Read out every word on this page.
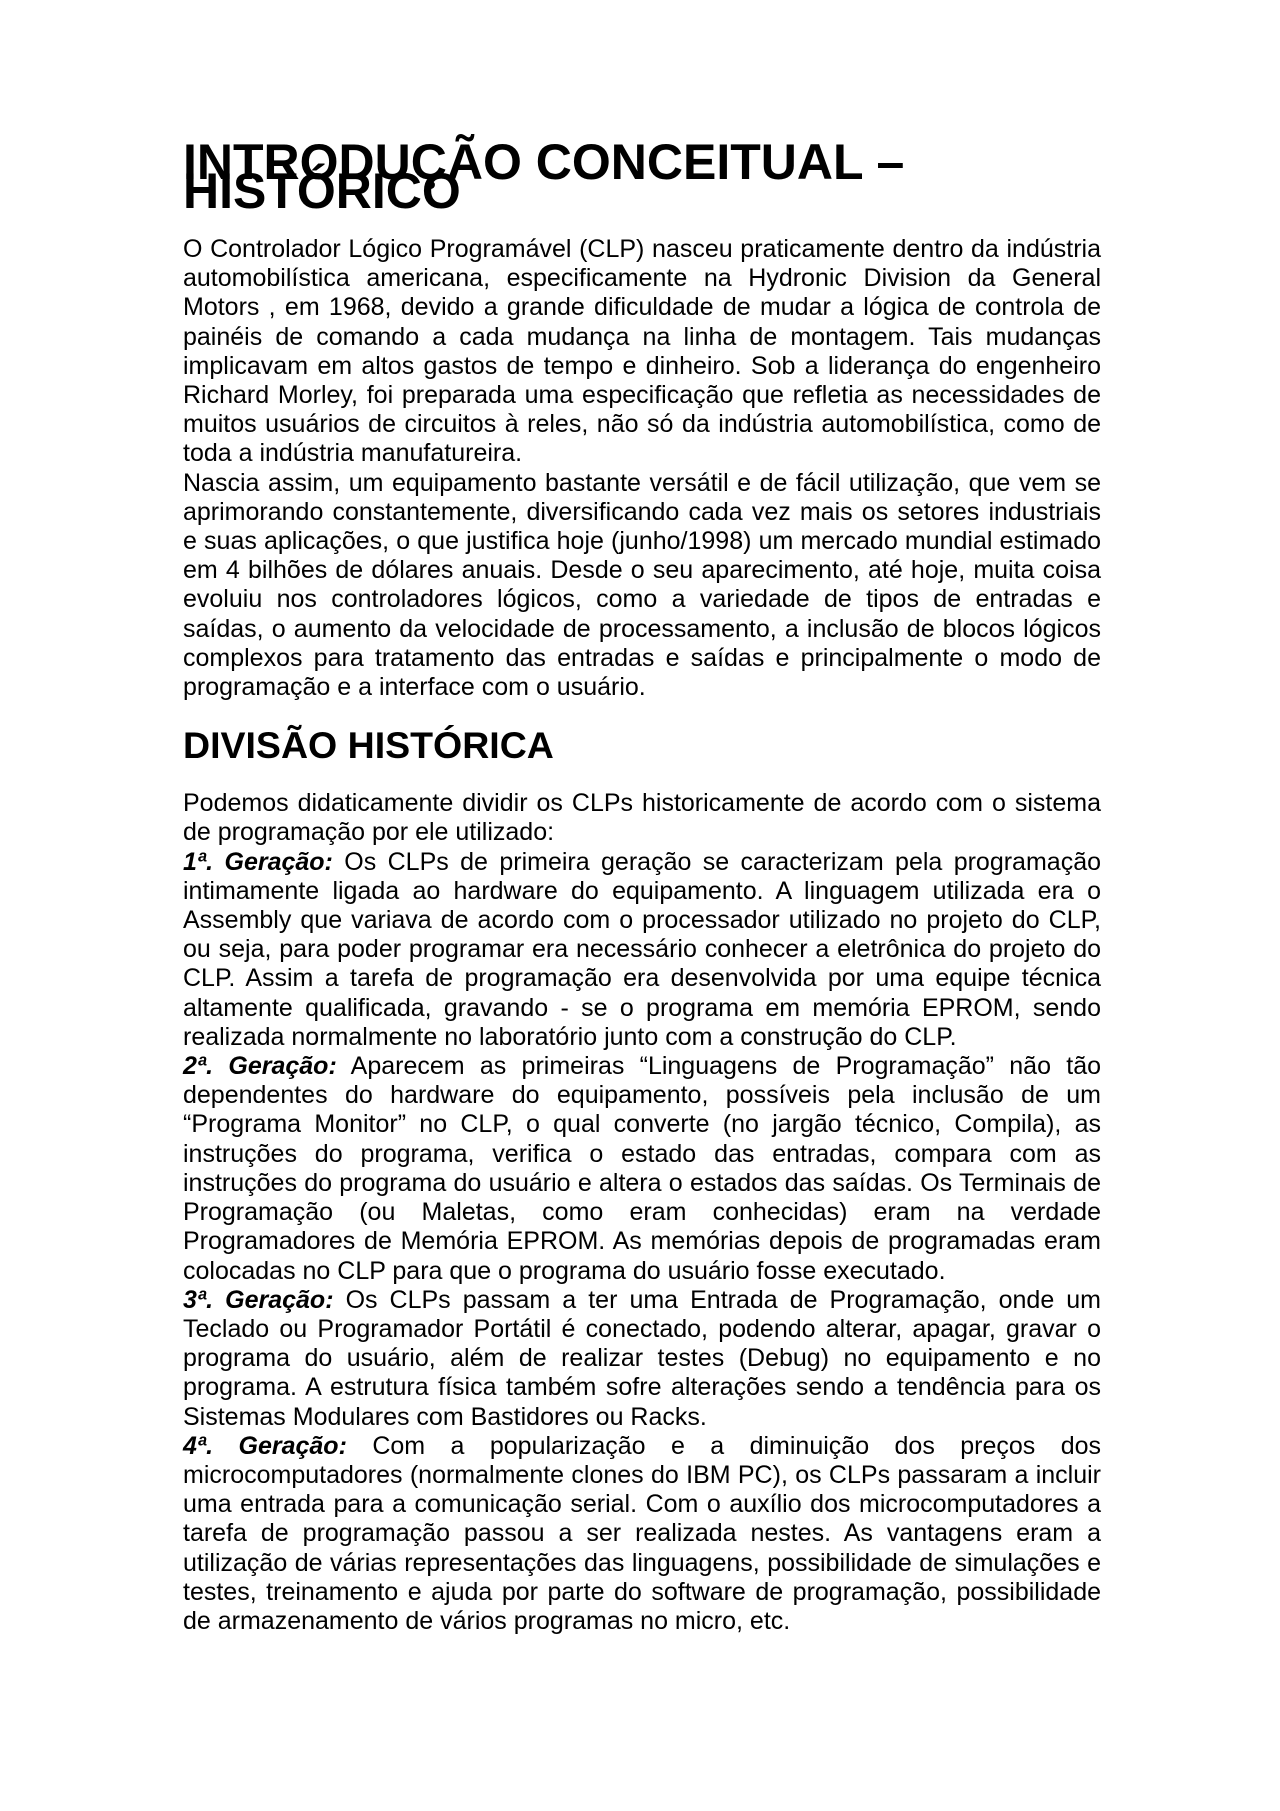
INTRODUÇÃO CONCEITUAL – HISTÓRICO

O Controlador Lógico Programável (CLP) nasceu praticamente dentro da indústria automobilística americana, especificamente na Hydronic Division da General Motors , em 1968, devido a grande dificuldade de mudar a lógica de controla de painéis de comando a cada mudança na linha de montagem. Tais mudanças implicavam em altos gastos de tempo e dinheiro. Sob a liderança do engenheiro Richard Morley, foi preparada uma especificação que refletia as necessidades de muitos usuários de circuitos à reles, não só da indústria automobilística, como de toda a indústria manufatureira.

Nascia assim, um equipamento bastante versátil e de fácil utilização, que vem se aprimorando constantemente, diversificando cada vez mais os setores industriais e suas aplicações, o que justifica hoje (junho/1998) um mercado mundial estimado em 4 bilhões de dólares anuais. Desde o seu aparecimento, até hoje, muita coisa evoluiu nos controladores lógicos, como a variedade de tipos de entradas e saídas, o aumento da velocidade de processamento, a inclusão de blocos lógicos complexos para tratamento das entradas e saídas e principalmente o modo de programação e a interface com o usuário.

DIVISÃO HISTÓRICA

Podemos didaticamente dividir os CLPs historicamente de acordo com o sistema de programação por ele utilizado:

1ª. Geração: Os CLPs de primeira geração se caracterizam pela programação intimamente ligada ao hardware do equipamento. A linguagem utilizada era o Assembly que variava de acordo com o processador utilizado no projeto do CLP, ou seja, para poder programar era necessário conhecer a eletrônica do projeto do CLP. Assim a tarefa de programação era desenvolvida por uma equipe técnica altamente qualificada, gravando - se o programa em memória EPROM, sendo realizada normalmente no laboratório junto com a construção do CLP.

2ª. Geração: Aparecem as primeiras “Linguagens de Programação” não tão dependentes do hardware do equipamento, possíveis pela inclusão de um “Programa Monitor” no CLP, o qual converte (no jargão técnico, Compila), as instruções do programa, verifica o estado das entradas, compara com as instruções do programa do usuário e altera o estados das saídas. Os Terminais de Programação (ou Maletas, como eram conhecidas) eram na verdade Programadores de Memória EPROM. As memórias depois de programadas eram colocadas no CLP para que o programa do usuário fosse executado.

3ª. Geração: Os CLPs passam a ter uma Entrada de Programação, onde um Teclado ou Programador Portátil é conectado, podendo alterar, apagar, gravar o programa do usuário, além de realizar testes (Debug) no equipamento e no programa. A estrutura física também sofre alterações sendo a tendência para os Sistemas Modulares com Bastidores ou Racks.

4ª. Geração: Com a popularização e a diminuição dos preços dos microcomputadores (normalmente clones do IBM PC), os CLPs passaram a incluir uma entrada para a comunicação serial. Com o auxílio dos microcomputadores a tarefa de programação passou a ser realizada nestes. As vantagens eram a utilização de várias representações das linguagens, possibilidade de simulações e testes, treinamento e ajuda por parte do software de programação, possibilidade de armazenamento de vários programas no micro, etc.
